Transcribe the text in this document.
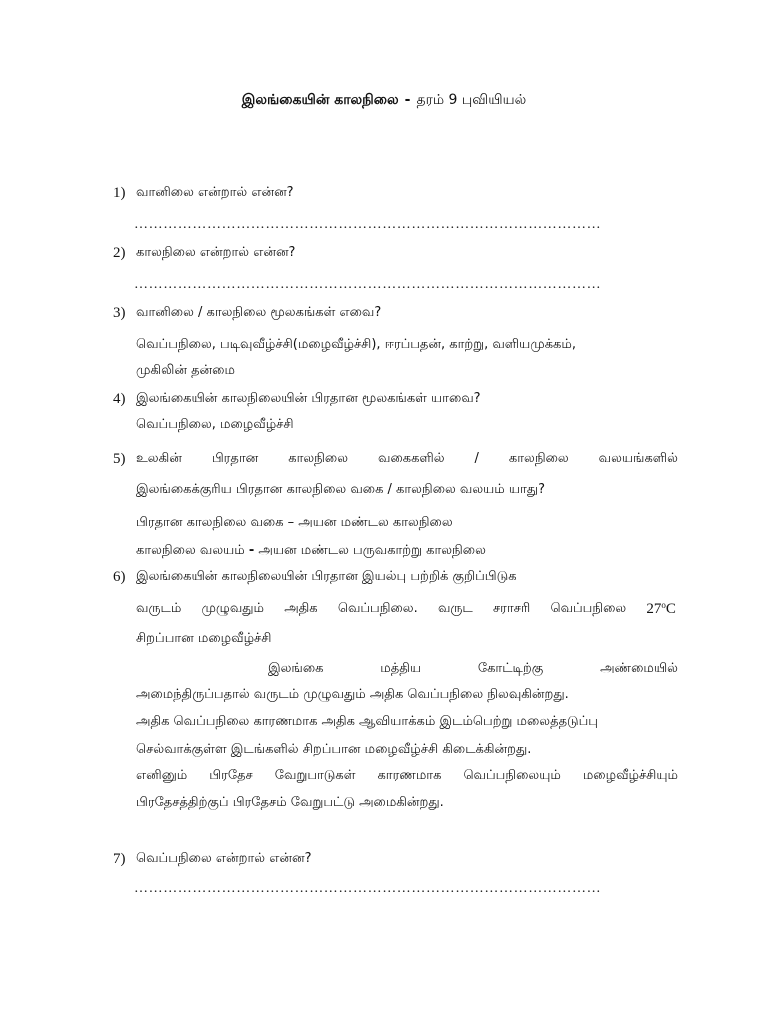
இலங்கையின் காலநிலை - தரம் 9 புவியியல்
1) வானிலை என்றால் என்ன?
……………………………………………………………………………………
2) காலநிலை என்றால் என்ன?
……………………………………………………………………………………
3) வானிலை / காலநிலை மூலகங்கள் எவை?
வெப்பநிலை, படிவுவீழ்ச்சி(மழைவீழ்ச்சி), ஈரப்பதன், காற்று, வளியமுக்கம்,
முகிலின் தன்மை
4) இலங்கையின் காலநிலையின் பிரதான மூலகங்கள் யாவை?
வெப்பநிலை, மழைவீழ்ச்சி
5) உலகின் பிரதான காலநிலை வகைகளில் / காலநிலை வலயங்களில்
இலங்கைக்குரிய பிரதான காலநிலை வகை / காலநிலை வலயம் யாது?
பிரதான காலநிலை வகை – அயன மண்டல காலநிலை
காலநிலை வலயம் - அயன மண்டல பருவகாற்று காலநிலை
6) இலங்கையின் காலநிலையின் பிரதான இயல்பு பற்றிக் குறிப்பிடுக
வருடம் முழுவதும் அதிக வெப்பநிலை. வருட சராசரி வெப்பநிலை 27$^o$C
சிறப்பான மழைவீழ்ச்சி
இலங்கை	மத்திய	கோட்டிற்கு	அண்மையில்
அமைந்திருப்பதால் வருடம் முழுவதும் அதிக வெப்பநிலை நிலவுகின்றது.
அதிக வெப்பநிலை காரணமாக அதிக ஆவியாக்கம் இடம்பெற்று மலைத்தடுப்பு
செல்வாக்குள்ள இடங்களில் சிறப்பான மழைவீழ்ச்சி கிடைக்கின்றது.
எனினும் பிரதேச வேறுபாடுகள் காரணமாக வெப்பநிலையும் மழைவீழ்ச்சியும்
பிரதேசத்திற்குப் பிரதேசம் வேறுபட்டு அமைகின்றது.
7) வெப்பநிலை என்றால் என்ன?
……………………………………………………………………………………
